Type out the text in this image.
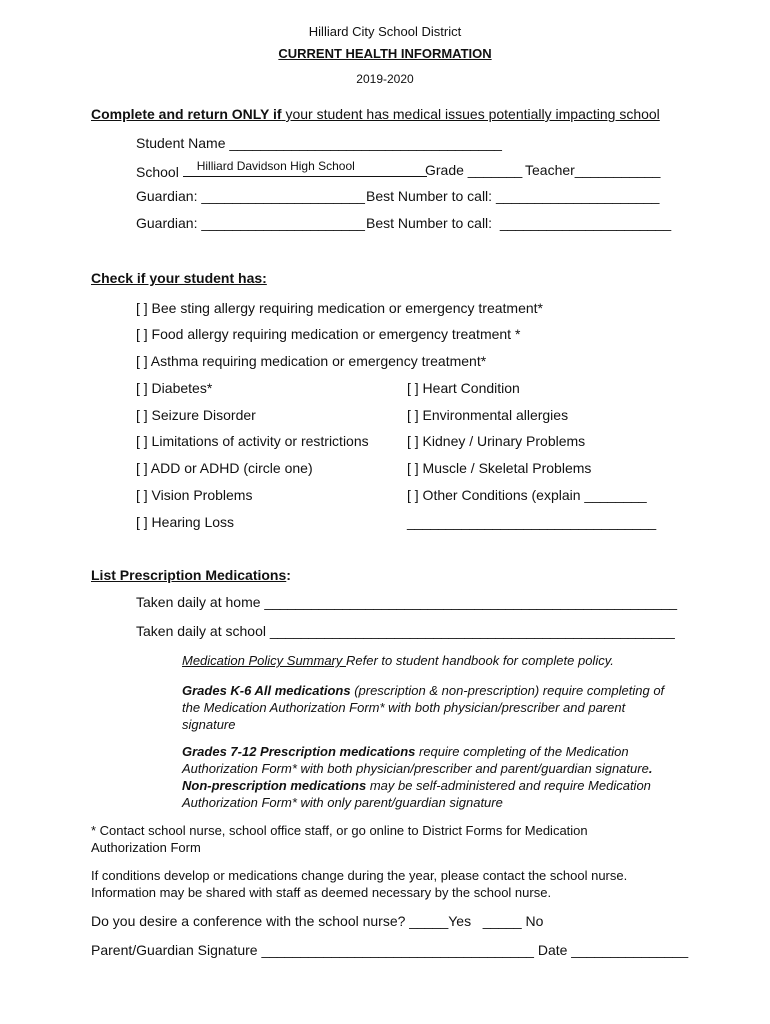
Hilliard City School District
CURRENT HEALTH INFORMATION
2019-2020
Complete and return ONLY if your student has medical issues potentially impacting school
Student Name ___________________________________
School Hilliard Davidson High School	Grade _______ Teacher___________
Guardian: _____________________ Best Number to call: _____________________
Guardian: _____________________ Best Number to call:  ______________________
Check if your student has:
[ ] Bee sting allergy requiring medication or emergency treatment*
[ ] Food allergy requiring medication or emergency treatment *
[ ] Asthma requiring medication or emergency treatment*
[ ] Diabetes*
[ ] Seizure Disorder
[ ] Limitations of activity or restrictions
[ ] ADD or ADHD (circle one)
[ ] Vision Problems
[ ] Hearing Loss
[ ] Heart Condition
[ ] Environmental allergies
[ ] Kidney / Urinary Problems
[ ] Muscle / Skeletal Problems
[ ] Other Conditions (explain ________
________________________________
List Prescription Medications:
Taken daily at home _____________________________________________________
Taken daily at school ____________________________________________________
Medication Policy Summary Refer to student handbook for complete policy.
Grades K-6 All medications (prescription & non-prescription) require completing of the Medication Authorization Form* with both physician/prescriber and parent signature
Grades 7-12 Prescription medications require completing of the Medication Authorization Form* with both physician/prescriber and parent/guardian signature. Non-prescription medications may be self-administered and require Medication Authorization Form* with only parent/guardian signature
* Contact school nurse, school office staff, or go online to District Forms for Medication Authorization Form
If conditions develop or medications change during the year, please contact the school nurse. Information may be shared with staff as deemed necessary by the school nurse.
Do you desire a conference with the school nurse? _____Yes   _____ No
Parent/Guardian Signature ___________________________________ Date _______________
